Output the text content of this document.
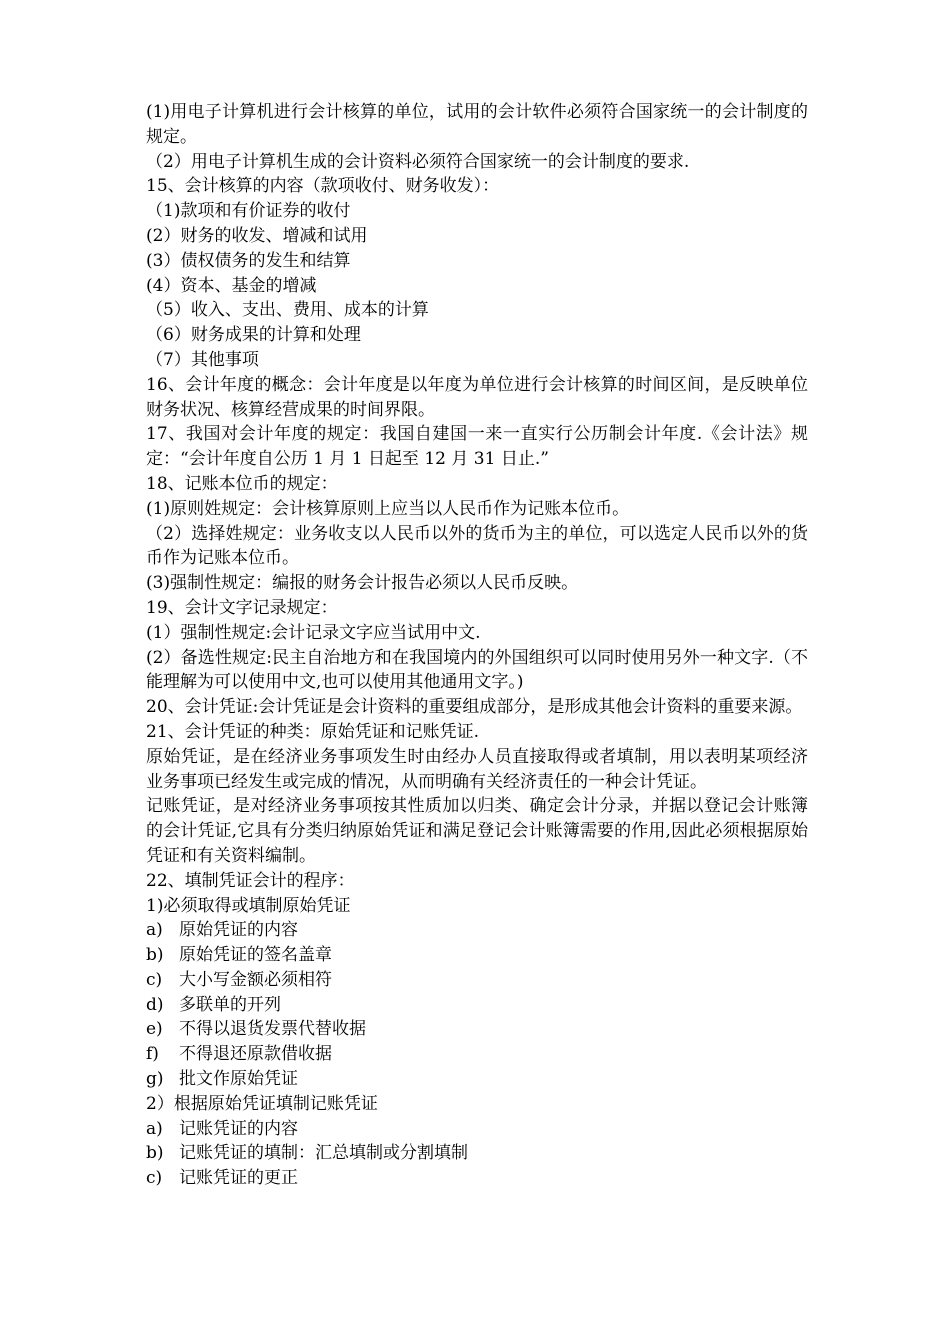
(1)用电子计算机进行会计核算的单位，试用的会计软件必须符合国家统一的会计制度的规定。

（2）用电子计算机生成的会计资料必须符合国家统一的会计制度的要求.

15、会计核算的内容（款项收付、财务收发）：

（1)款项和有价证券的收付

(2）财务的收发、增减和试用

(3）债权债务的发生和结算

(4）资本、基金的增减

（5）收入、支出、费用、成本的计算

（6）财务成果的计算和处理

（7）其他事项

16、会计年度的概念：会计年度是以年度为单位进行会计核算的时间区间，是反映单位财务状况、核算经营成果的时间界限。

17、我国对会计年度的规定：我国自建国一来一直实行公历制会计年度.《会计法》规定：“会计年度自公历 1 月 1 日起至 12 月 31 日止.”

18、记账本位币的规定：

(1)原则姓规定：会计核算原则上应当以人民币作为记账本位币。

（2）选择姓规定：业务收支以人民币以外的货币为主的单位，可以选定人民币以外的货币作为记账本位币。

(3)强制性规定：编报的财务会计报告必须以人民币反映。

19、会计文字记录规定：

(1）强制性规定:会计记录文字应当试用中文.

(2）备选性规定:民主自治地方和在我国境内的外国组织可以同时使用另外一种文字.（不能理解为可以使用中文,也可以使用其他通用文字。)

20、会计凭证:会计凭证是会计资料的重要组成部分，是形成其他会计资料的重要来源。

21、会计凭证的种类：原始凭证和记账凭证.

原始凭证，是在经济业务事项发生时由经办人员直接取得或者填制，用以表明某项经济业务事项已经发生或完成的情况，从而明确有关经济责任的一种会计凭证。

记账凭证，是对经济业务事项按其性质加以归类、确定会计分录，并据以登记会计账簿的会计凭证,它具有分类归纳原始凭证和满足登记会计账簿需要的作用,因此必须根据原始凭证和有关资料编制。

22、填制凭证会计的程序：

1)必须取得或填制原始凭证

a) 原始凭证的内容
b) 原始凭证的签名盖章
c) 大小写金额必须相符
d) 多联单的开列
e) 不得以退货发票代替收据
f)	不得退还原款借收据
g) 批文作原始凭证

2）根据原始凭证填制记账凭证

a) 记账凭证的内容
b) 记账凭证的填制：汇总填制或分割填制
c) 记账凭证的更正
